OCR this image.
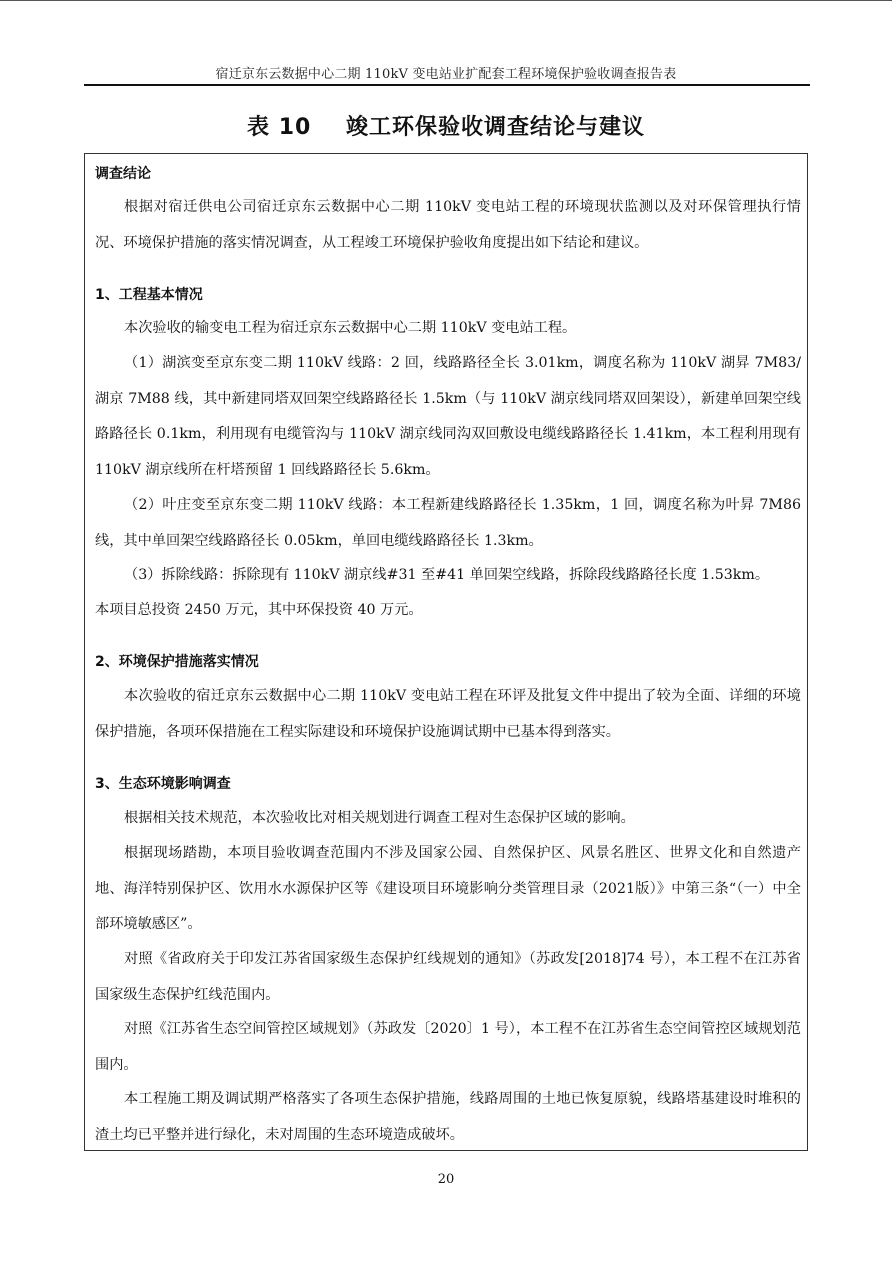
宿迁京东云数据中心二期 110kV 变电站业扩配套工程环境保护验收调查报告表
表 10    竣工环保验收调查结论与建议
调查结论
根据对宿迁供电公司宿迁京东云数据中心二期 110kV 变电站工程的环境现状监测以及对环保管理执行情况、环境保护措施的落实情况调查，从工程竣工环境保护验收角度提出如下结论和建议。
1、工程基本情况
本次验收的输变电工程为宿迁京东云数据中心二期 110kV 变电站工程。
（1）湖滨变至京东变二期 110kV 线路：2 回，线路路径全长 3.01km，调度名称为 110kV 湖昇 7M83/湖京 7M88 线，其中新建同塔双回架空线路路径长 1.5km（与 110kV 湖京线同塔双回架设），新建单回架空线路路径长 0.1km，利用现有电缆管沟与 110kV 湖京线同沟双回敷设电缆线路路径长 1.41km，本工程利用现有 110kV 湖京线所在杆塔预留 1 回线路路径长 5.6km。
（2）叶庄变至京东变二期 110kV 线路：本工程新建线路路径长 1.35km，1 回，调度名称为叶昇 7M86 线，其中单回架空线路路径长 0.05km，单回电缆线路路径长 1.3km。
（3）拆除线路：拆除现有 110kV 湖京线#31 至#41 单回架空线路，拆除段线路路径长度 1.53km。
本项目总投资 2450 万元，其中环保投资 40 万元。
2、环境保护措施落实情况
本次验收的宿迁京东云数据中心二期 110kV 变电站工程在环评及批复文件中提出了较为全面、详细的环境保护措施，各项环保措施在工程实际建设和环境保护设施调试期中已基本得到落实。
3、生态环境影响调查
根据相关技术规范，本次验收比对相关规划进行调查工程对生态保护区域的影响。
根据现场踏勘，本项目验收调查范围内不涉及国家公园、自然保护区、风景名胜区、世界文化和自然遗产地、海洋特别保护区、饮用水水源保护区等《建设项目环境影响分类管理目录（2021版）》中第三条“（一）中全部环境敏感区”。
对照《省政府关于印发江苏省国家级生态保护红线规划的通知》（苏政发[2018]74 号），本工程不在江苏省国家级生态保护红线范围内。
对照《江苏省生态空间管控区域规划》（苏政发〔2020〕1 号），本工程不在江苏省生态空间管控区域规划范围内。
本工程施工期及调试期严格落实了各项生态保护措施，线路周围的土地已恢复原貌，线路塔基建设时堆积的渣土均已平整并进行绿化，未对周围的生态环境造成破坏。
20
